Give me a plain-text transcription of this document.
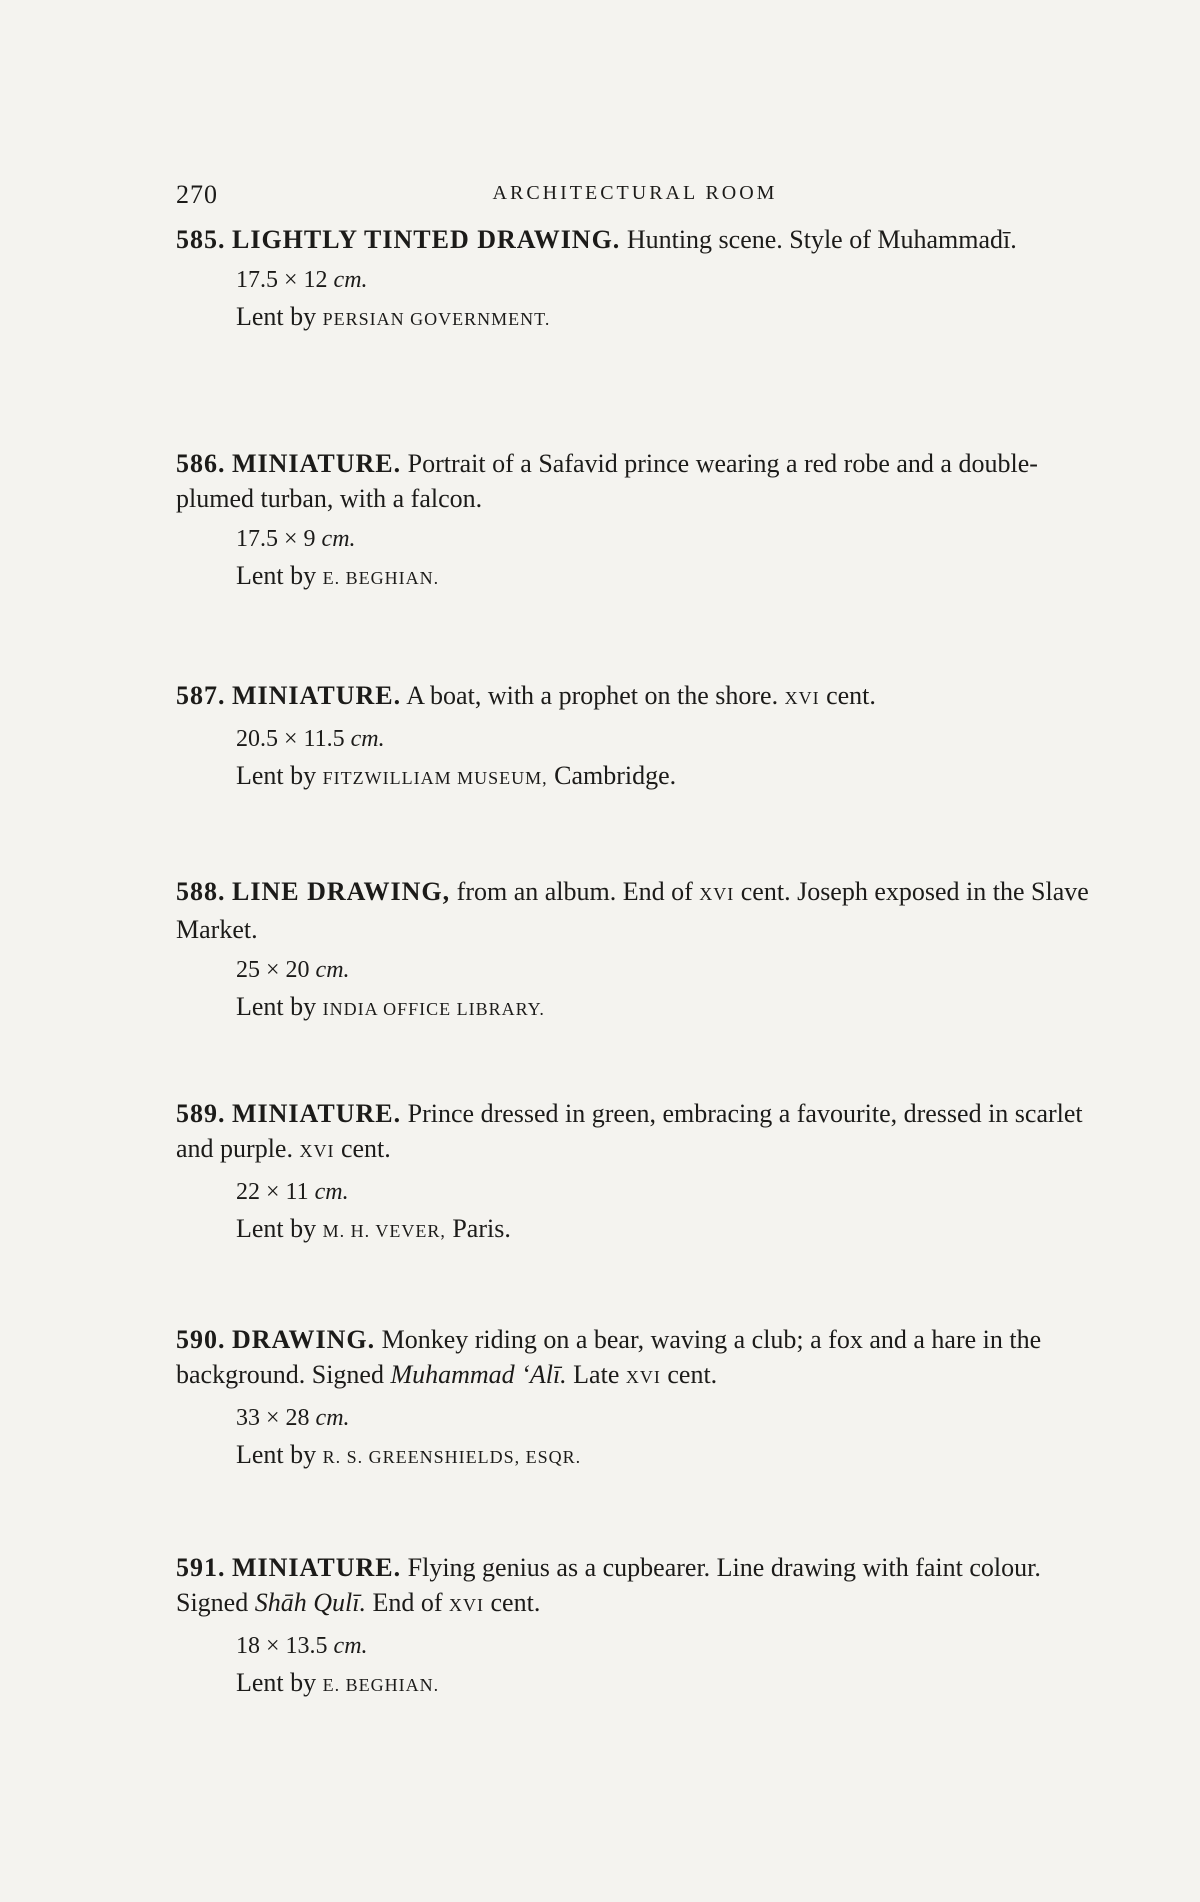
270	ARCHITECTURAL ROOM
585. LIGHTLY TINTED DRAWING. Hunting scene. Style of Muhammadī.
17.5 × 12 cm.
Lent by PERSIAN GOVERNMENT.
586. MINIATURE. Portrait of a Safavid prince wearing a red robe and a double-plumed turban, with a falcon.
17.5 × 9 cm.
Lent by E. BEGHIAN.
587. MINIATURE. A boat, with a prophet on the shore. XVI cent.
20.5 × 11.5 cm.
Lent by FITZWILLIAM MUSEUM, Cambridge.
588. LINE DRAWING, from an album. End of XVI cent. Joseph exposed in the Slave Market.
25 × 20 cm.
Lent by INDIA OFFICE LIBRARY.
589. MINIATURE. Prince dressed in green, embracing a favourite, dressed in scarlet and purple. XVI cent.
22 × 11 cm.
Lent by M. H. VEVER, Paris.
590. DRAWING. Monkey riding on a bear, waving a club; a fox and a hare in the background. Signed Muhammad ‘Alī. Late XVI cent.
33 × 28 cm.
Lent by R. S. GREENSHIELDS, ESQR.
591. MINIATURE. Flying genius as a cupbearer. Line drawing with faint colour. Signed Shāh Qulī. End of XVI cent.
18 × 13.5 cm.
Lent by E. BEGHIAN.
